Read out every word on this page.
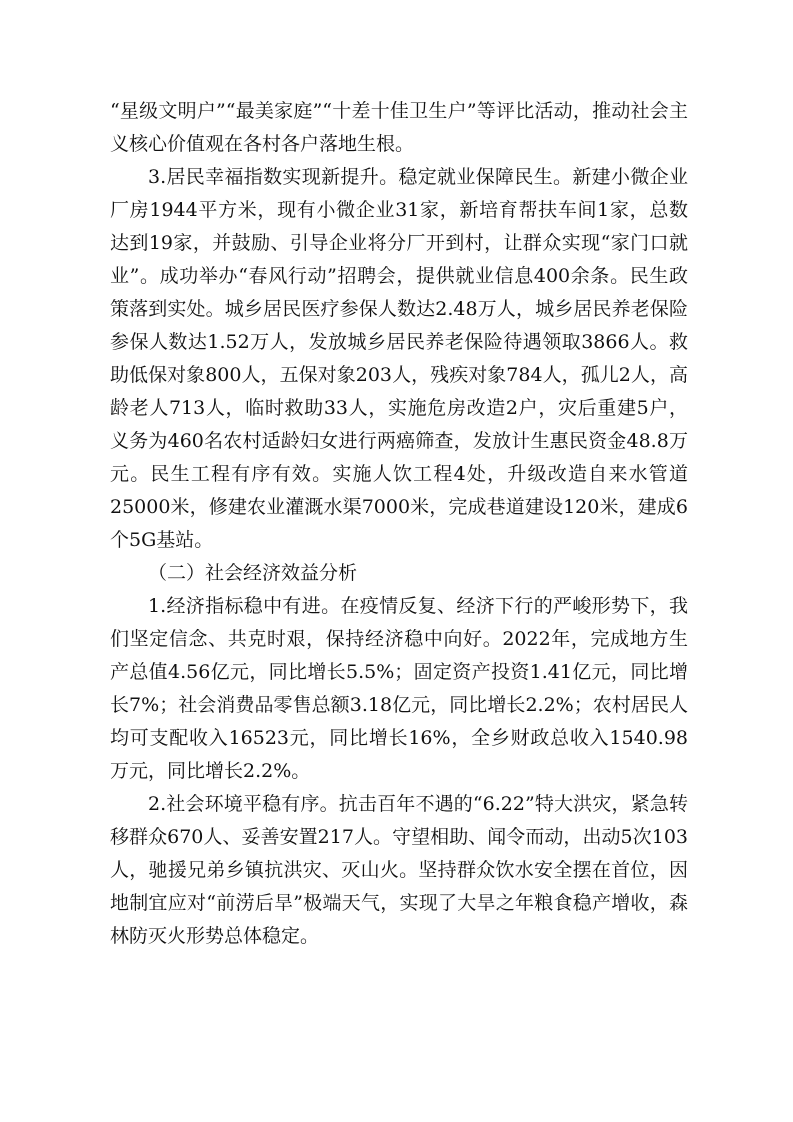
“星级文明户”“最美家庭”“十差十佳卫生户”等评比活动，推动社会主义核心价值观在各村各户落地生根。

3.居民幸福指数实现新提升。稳定就业保障民生。新建小微企业厂房1944平方米，现有小微企业31家，新培育帮扶车间1家，总数达到19家，并鼓励、引导企业将分厂开到村，让群众实现“家门口就业”。成功举办“春风行动”招聘会，提供就业信息400余条。民生政策落到实处。城乡居民医疗参保人数达2.48万人，城乡居民养老保险参保人数达1.52万人，发放城乡居民养老保险待遇领取3866人。救助低保对象800人，五保对象203人，残疾对象784人，孤儿2人，高龄老人713人，临时救助33人，实施危房改造2户，灾后重建5户，义务为460名农村适龄妇女进行两癌筛查，发放计生惠民资金48.8万元。民生工程有序有效。实施人饮工程4处，升级改造自来水管道25000米，修建农业灌溉水渠7000米，完成巷道建设120米，建成6个5G基站。

（二）社会经济效益分析

1.经济指标稳中有进。在疫情反复、经济下行的严峻形势下，我们坚定信念、共克时艰，保持经济稳中向好。2022年，完成地方生产总值4.56亿元，同比增长5.5%；固定资产投资1.41亿元，同比增长7%；社会消费品零售总额3.18亿元，同比增长2.2%；农村居民人均可支配收入16523元，同比增长16%，全乡财政总收入1540.98万元，同比增长2.2%。

2.社会环境平稳有序。抗击百年不遇的“6.22”特大洪灾，紧急转移群众670人、妥善安置217人。守望相助、闻令而动，出动5次103人，驰援兄弟乡镇抗洪灾、灭山火。坚持群众饮水安全摆在首位，因地制宜应对“前涝后旱”极端天气，实现了大旱之年粮食稳产增收，森林防灭火形势总体稳定。
